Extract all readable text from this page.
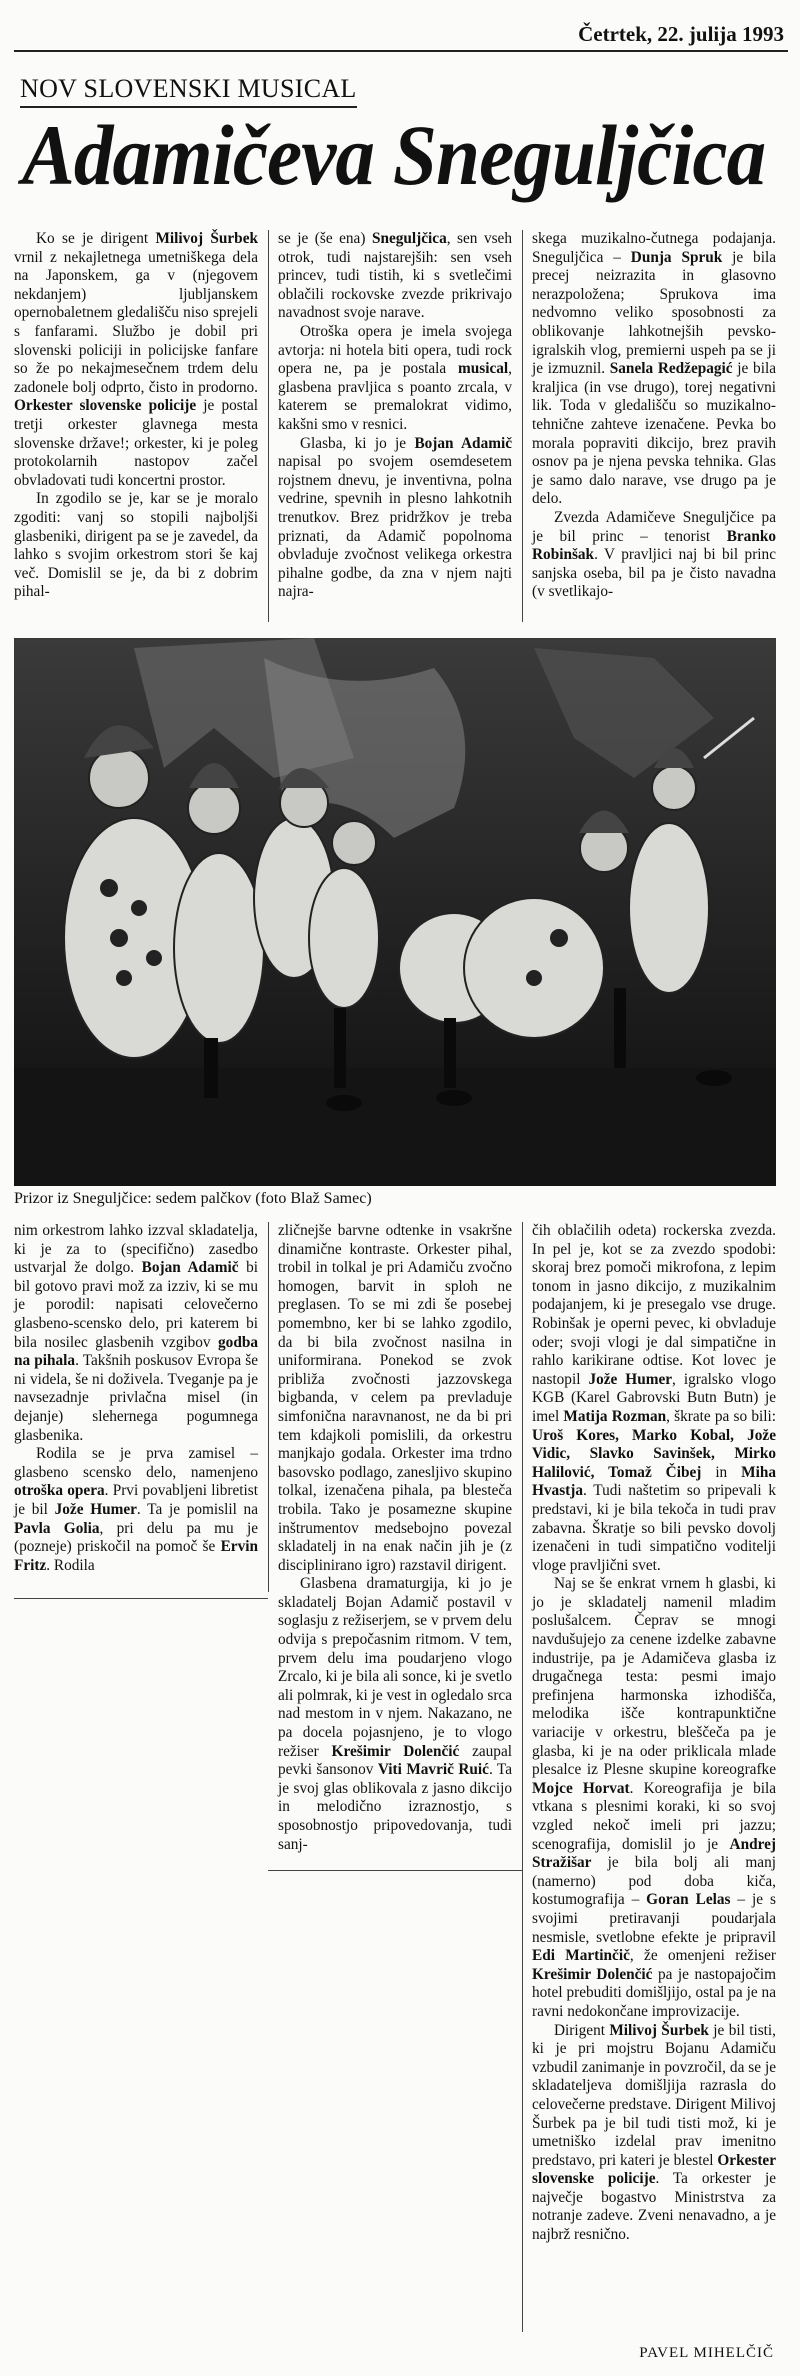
Četrtek, 22. julija 1993
NOV SLOVENSKI MUSICAL
Adamičeva Sneguljčica

Ko se je dirigent Milivoj Šurbek vrnil z nekajletnega umetniškega dela na Japonskem, ga v (njegovem nekdanjem) ljubljanskem opernobaletnem gledališču niso sprejeli s fanfarami. Službo je dobil pri slovenski policiji in policijske fanfare so že po nekajmesečnem trdem delu zadonele bolj odprto, čisto in prodorno. Orkester slovenske policije je postal tretji orkester glavnega mesta slovenske države!; orkester, ki je poleg protokolarnih nastopov začel obvladovati tudi koncertni prostor.

In zgodilo se je, kar se je moralo zgoditi: vanj so stopili najboljši glasbeniki, dirigent pa se je zavedel, da lahko s svojim orkestrom stori še kaj več. Domislil se je, da bi z dobrim pihal-

se je (še ena) Sneguljčica, sen vseh otrok, tudi najstarejših: sen vseh princev, tudi tistih, ki s svetlečimi oblačili rockovske zvezde prikrivajo navadnost svoje narave.

Otroška opera je imela svojega avtorja: ni hotela biti opera, tudi rock opera ne, pa je postala musical, glasbena pravljica s poanto zrcala, v katerem se premalokrat vidimo, kakšni smo v resnici.

Glasba, ki jo je Bojan Adamič napisal po svojem osemdesetem rojstnem dnevu, je inventivna, polna vedrine, spevnih in plesno lahkotnih trenutkov. Brez pridržkov je treba priznati, da Adamič popolnoma obvladuje zvočnost velikega orkestra pihalne godbe, da zna v njem najti najra-

skega muzikalno-čutnega podajanja. Sneguljčica – Dunja Spruk je bila precej neizrazita in glasovno nerazpoložena; Sprukova ima nedvomno veliko sposobnosti za oblikovanje lahkotnejših pevsko-igralskih vlog, premierni uspeh pa se ji je izmuznil. Sanela Redžepagić je bila kraljica (in vse drugo), torej negativni lik. Toda v gledališču so muzikalno-tehnične zahteve izenačene. Pevka bo morala popraviti dikcijo, brez pravih osnov pa je njena pevska tehnika. Glas je samo dalo narave, vse drugo pa je delo.

Zvezda Adamičeve Sneguljčice pa je bil princ – tenorist Branko Robinšak. V pravljici naj bi bil princ sanjska oseba, bil pa je čisto navadna (v svetlikajo-

Prizor iz Sneguljčice: sedem palčkov (foto Blaž Samec)

nim orkestrom lahko izzval skladatelja, ki je za to (specifično) zasedbo ustvarjal že dolgo. Bojan Adamič bi bil gotovo pravi mož za izziv, ki se mu je porodil: napisati celovečerno glasbeno-scensko delo, pri katerem bi bila nosilec glasbenih vzgibov godba na pihala. Takšnih poskusov Evropa še ni videla, še ni doživela. Tveganje pa je navsezadnje privlačna misel (in dejanje) slehernega pogumnega glasbenika.

Rodila se je prva zamisel – glasbeno scensko delo, namenjeno otroška opera. Prvi povabljeni libretist je bil Jože Humer. Ta je pomislil na Pavla Golia, pri delu pa mu je (pozneje) priskočil na pomoč še Ervin Fritz. Rodila

zličnejše barvne odtenke in vsakršne dinamične kontraste. Orkester pihal, trobil in tolkal je pri Adamiču zvočno homogen, barvit in sploh ne preglasen. To se mi zdi še posebej pomembno, ker bi se lahko zgodilo, da bi bila zvočnost nasilna in uniformirana. Ponekod se zvok približa zvočnosti jazzovskega bigbanda, v celem pa prevladuje simfonična naravnanost, ne da bi pri tem kdajkoli pomislili, da orkestru manjkajo godala. Orkester ima trdno basovsko podlago, zanesljivo skupino tolkal, izenačena pihala, pa blesteča trobila. Tako je posamezne skupine inštrumentov medsebojno povezal skladatelj in na enak način jih je (z disciplinirano igro) razstavil dirigent.

Glasbena dramaturgija, ki jo je skladatelj Bojan Adamič postavil v soglasju z režiserjem, se v prvem delu odvija s prepočasnim ritmom. V tem, prvem delu ima poudarjeno vlogo Zrcalo, ki je bila ali sonce, ki je svetlo ali polmrak, ki je vest in ogledalo srca nad mestom in v njem. Nakazano, ne pa docela pojasnjeno, je to vlogo režiser Krešimir Dolenčić zaupal pevki šansonov Viti Mavrič Ruić. Ta je svoj glas oblikovala z jasno dikcijo in melodično izraznostjo, s sposobnostjo pripovedovanja, tudi sanj-

čih oblačilih odeta) rockerska zvezda. In pel je, kot se za zvezdo spodobi: skoraj brez pomoči mikrofona, z lepim tonom in jasno dikcijo, z muzikalnim podajanjem, ki je presegalo vse druge. Robinšak je operni pevec, ki obvladuje oder; svoji vlogi je dal simpatične in rahlo karikirane odtise. Kot lovec je nastopil Jože Humer, igralsko vlogo KGB (Karel Gabrovski Butn Butn) je imel Matija Rozman, škrate pa so bili: Uroš Kores, Marko Kobal, Jože Vidic, Slavko Savinšek, Mirko Halilović, Tomaž Čibej in Miha Hvastja. Tudi naštetim so pripevali k predstavi, ki je bila tekoča in tudi prav zabavna. Škratje so bili pevsko dovolj izenačeni in tudi simpatično voditelji vloge pravljični svet.

Naj se še enkrat vrnem h glasbi, ki jo je skladatelj namenil mladim poslušalcem. Čeprav se mnogi navdušujejo za cenene izdelke zabavne industrije, pa je Adamičeva glasba iz drugačnega testa: pesmi imajo prefinjena harmonska izhodišča, melodika išče kontrapunktične variacije v orkestru, bleščeča pa je glasba, ki je na oder priklicala mlade plesalce iz Plesne skupine koreografke Mojce Horvat. Koreografija je bila vtkana s plesnimi koraki, ki so svoj vzgled nekoč imeli pri jazzu; scenografija, domislil jo je Andrej Stražišar je bila bolj ali manj (namerno) pod doba kiča, kostumografija – Goran Lelas – je s svojimi pretiravanji poudarjala nesmisle, svetlobne efekte je pripravil Edi Martinčič, že omenjeni režiser Krešimir Dolenčić pa je nastopajočim hotel prebuditi domišljijo, ostal pa je na ravni nedokončane improvizacije.

Dirigent Milivoj Šurbek je bil tisti, ki je pri mojstru Bojanu Adamiču vzbudil zanimanje in povzročil, da se je skladateljeva domišljija razrasla do celovečerne predstave. Dirigent Milivoj Šurbek pa je bil tudi tisti mož, ki je umetniško izdelal prav imenitno predstavo, pri kateri je blestel Orkester slovenske policije. Ta orkester je največje bogastvo Ministrstva za notranje zadeve. Zveni nenavadno, a je najbrž resnično.

PAVEL MIHELČIČ
